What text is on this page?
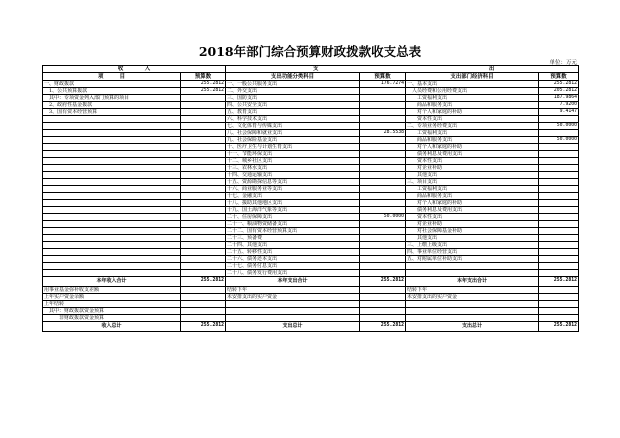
2018年部门综合预算财政拨款收支总表
单位：万元
收　　　　入		支		出	
项　　　目	预算数	支出功能分类科目	预算数	支出部门经济科目	预算数
一、财政拨款	255.2812	一、一般公共服务支出	176.7274	一、基本支出	255.2812
　1、公共预算拨款	255.2812	二、外交支出		　人员经费和公用经费支出	205.2812
　其中：专项资金列入部门预算的项目		三、国防支出		　　工资福利支出	187.9864
　2、政府性基金拨款		四、公共安全支出		　　商品和服务支出	7.9200
　3、国有资本经营预算		五、教育支出		　　对个人和家庭的补助	9.4147
		六、科学技术支出		　　资本性支出	
		七、文化体育与传媒支出		二、专项业务经费支出	50.0000
		八、社会保障和就业支出	28.5538	　　工资福利支出	
		九、社会保险基金支出		　　商品和服务支出	50.0000
		十、医疗卫生与计划生育支出		　　对个人和家庭的补助	
		十一、节能环保支出		　　债务利息及费用支出	
		十二、城乡社区支出		　　资本性支出	
		十三、农林水支出		　　对企业补助	
		十四、交通运输支出		　　其他支出	
		十五、资源勘探信息等支出		三、项目支出	
		十六、商业服务业等支出		　　工资福利支出	
		十七、金融支出		　　商品和服务支出	
		十八、援助其他地区支出		　　对个人和家庭的补助	
		十九、国土海洋气象等支出		　　债务利息及费用支出	
		二十、住房保障支出	50.0000	　　资本性支出	
		二十一、粮油物资储备支出		　　对企业补助	
		二十二、国有资本经营预算支出		　　对社会保障基金补助	
		二十三、预备费		　　其他支出	
		二十四、其他支出		三、上缴上级支出	
		二十五、转移性支出		四、事业单位经营支出	
		二十六、债务还本支出		五、对附属单位补助支出	
		二十七、债务付息支出			
		二十八、债务发行费用支出			
本年收入合计	255.2812	本年支出合计	255.2812	本年支出合计	255.2812
用事业基金弥补收支差额		结转下年		结转下年	
上年实户资金余额		未安排支出的实户资金		未安排支出的实户资金	
上年结转					
　其中：财政拨款资金预算					
　　　非财政拨款资金预算					
收入总计	255.2812	支出总计	255.2812	支出总计	255.2812
